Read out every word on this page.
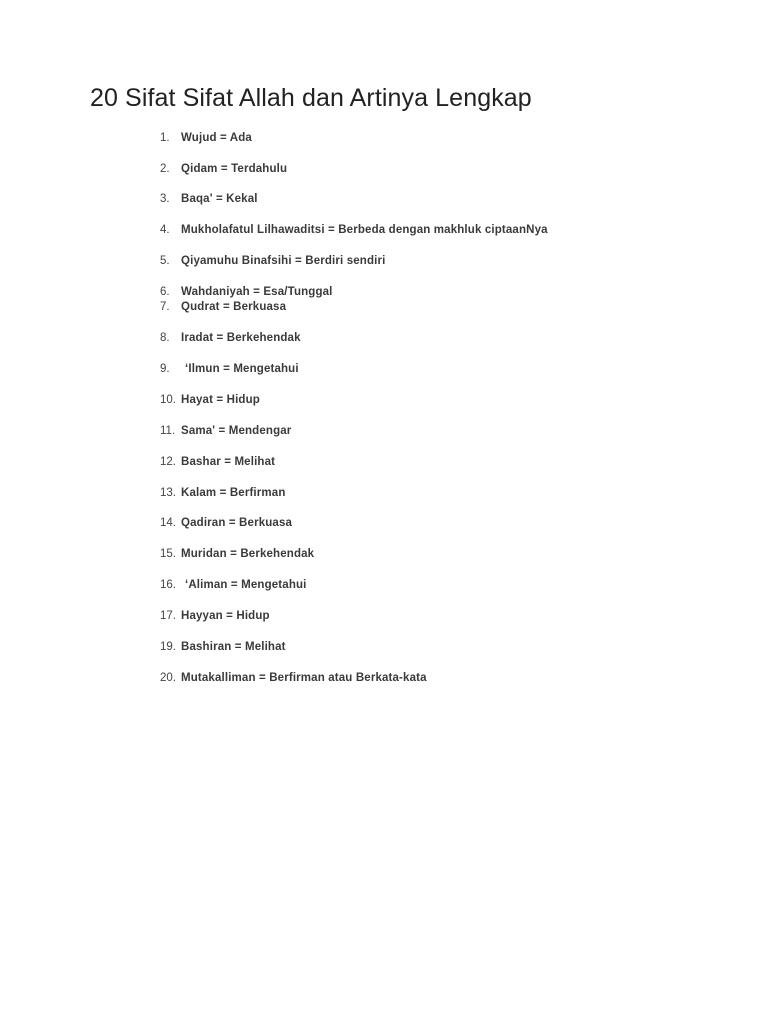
20 Sifat Sifat Allah dan Artinya Lengkap
1. Wujud = Ada
2. Qidam = Terdahulu
3. Baqa' = Kekal
4. Mukholafatul Lilhawaditsi = Berbeda dengan makhluk ciptaanNya
5. Qiyamuhu Binafsihi = Berdiri sendiri
6. Wahdaniyah = Esa/Tunggal
7. Qudrat = Berkuasa
8. Iradat = Berkehendak
9. ‘Ilmun = Mengetahui
10. Hayat = Hidup
11. Sama' = Mendengar
12. Bashar = Melihat
13. Kalam = Berfirman
14. Qadiran = Berkuasa
15. Muridan = Berkehendak
16. ‘Aliman = Mengetahui
17. Hayyan = Hidup
19. Bashiran = Melihat
20. Mutakalliman = Berfirman atau Berkata-kata
